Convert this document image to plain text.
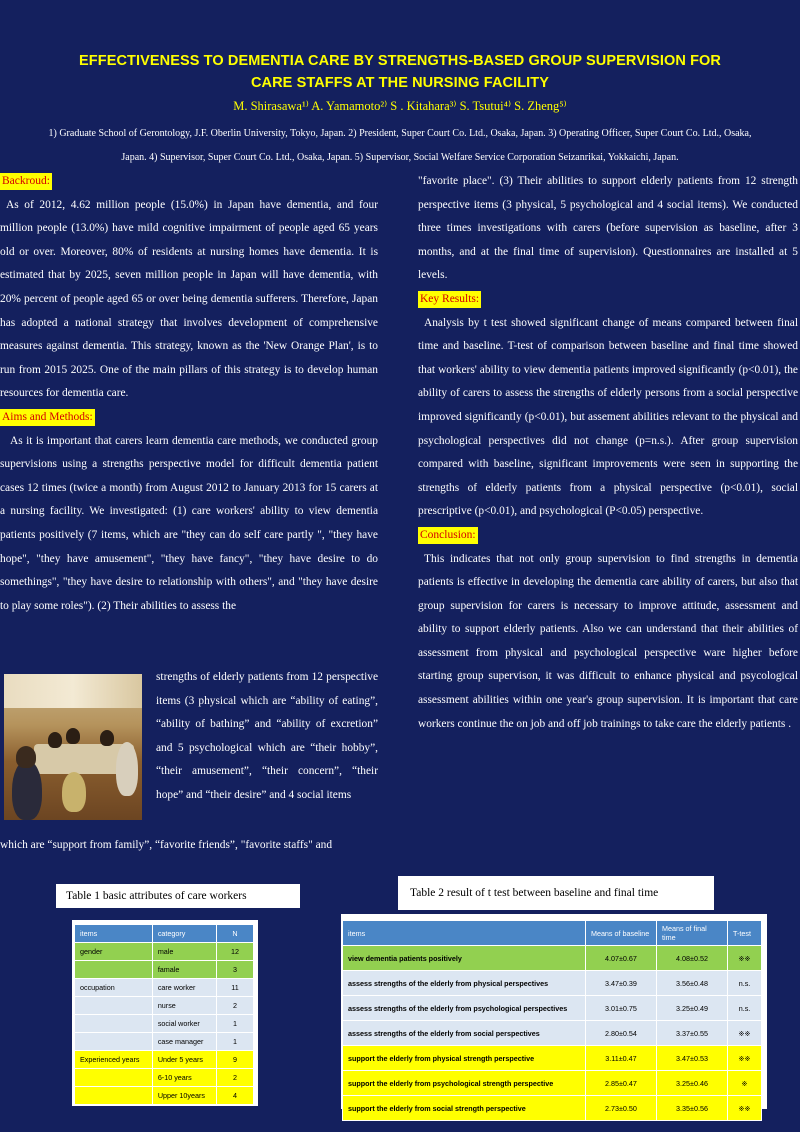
EFFECTIVENESS TO DEMENTIA CARE BY STRENGTHS-BASED GROUP SUPERVISION FOR
CARE STAFFS AT THE NURSING FACILITY
M. Shirasawa¹⁾ A. Yamamoto²⁾ S . Kitahara³⁾ S. Tsutui⁴⁾ S. Zheng⁵⁾
1) Graduate School of Gerontology, J.F. Oberlin University, Tokyo, Japan. 2) President, Super Court Co. Ltd., Osaka, Japan. 3) Operating Officer, Super Court Co. Ltd., Osaka,
Japan. 4) Supervisor, Super Court Co. Ltd., Osaka, Japan. 5) Supervisor, Social Welfare Service Corporation Seizanrikai, Yokkaichi, Japan.
Backroud:

As of 2012, 4.62 million people (15.0%) in Japan have dementia, and four million people (13.0%) have mild cognitive impairment of people aged 65 years old or over. Moreover, 80% of residents at nursing homes have dementia. It is estimated that by 2025, seven million people in Japan will have dementia, with 20% percent of people aged 65 or over being dementia sufferers. Therefore, Japan has adopted a national strategy that involves development of comprehensive measures against dementia. This strategy, known as the 'New Orange Plan', is to run from 2015 2025. One of the main pillars of this strategy is to develop human resources for dementia care.

Aims and Methods:

As it is important that carers learn dementia care methods, we conducted group supervisions using a strengths perspective model for difficult dementia patient cases 12 times (twice a month) from August 2012 to January 2013 for 15 carers at a nursing facility. We investigated: (1) care workers' ability to view dementia patients positively (7 items, which are "they can do self care partly ", "they have hope", "they have amusement", "they have fancy", "they have desire to do somethings", "they have desire to relationship with others", and "they have desire to play some roles"). (2) Their abilities to assess the

strengths of elderly patients from 12 perspective items (3 physical which are “ability of eating”, “ability of bathing” and “ability of excretion” and 5 psychological which are “their hobby”, “their amusement”, “their concern”, “their hope” and “their desire” and 4 social items
which are “support from family”, “favorite friends”, "favorite staffs" and

"favorite place". (3) Their abilities to support elderly patients from 12 strength perspective items (3 physical, 5 psychological and 4 social items). We conducted three times investigations with carers (before supervision as baseline, after 3 months, and at the final time of supervision). Questionnaires are installed at 5 levels.

Key Results:

Analysis by t test showed significant change of means compared between final time and baseline. T-test of comparison between baseline and final time showed that workers' ability to view dementia patients improved significantly (p<0.01), the ability of carers to assess the strengths of elderly persons from a social perspective improved significantly (p<0.01), but assement abilities relevant to the physical and psychological perspectives did not change (p=n.s.). After group supervision compared with baseline, significant improvements were seen in supporting the strengths of elderly patients from a physical perspective (p<0.01), social prescriptive (p<0.01), and psychological (P<0.05) perspective.

Conclusion:

This indicates that not only group supervision to find strengths in dementia patients is effective in developing the dementia care ability of carers, but also that group supervision for carers is necessary to improve attitude, assessment and ability to support elderly patients. Also we can understand that their abilities of assessment from physical and psychological perspective ware higher before starting group supervison, it was difficult to enhance physical and psycological assessment abilities within one year's group supervision. It is important that care workers continue the on job and off job trainings to take care the elderly patients .

Table 1 basic attributes of care workers	Table 2 result of t test between baseline and final time
items	category	N
gender	male	12
	famale	3
occupation	care worker	11
	nurse	2
	social worker	1
	case manager	1
Experienced years	Under 5 years	9
	6-10 years	2
	Upper 10years	4
items	Means of baseline	Means of final time	T-test
view dementia patients positively	4.07±0.67	4.08±0.52	※※
assess strengths of the elderly from physical perspectives	3.47±0.39	3.56±0.48	n.s.
assess strengths of the elderly from psychological perspectives	3.01±0.75	3.25±0.49	n.s.
assess strengths of the elderly from social perspectives	2.80±0.54	3.37±0.55	※※
support the elderly from physical strength perspective	3.11±0.47	3.47±0.53	※※
support the elderly from psychological strength perspective	2.85±0.47	3.25±0.46	※
support the elderly from social strength perspective	2.73±0.50	3.35±0.56	※※
